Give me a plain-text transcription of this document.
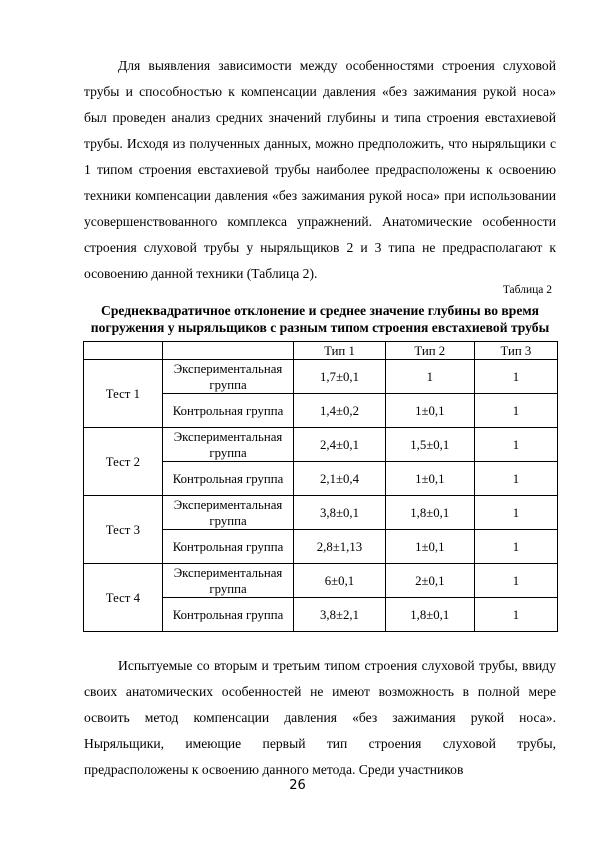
Для выявления зависимости между особенностями строения слуховой трубы и способностью к компенсации давления «без зажимания рукой носа» был проведен анализ средних значений глубины и типа строения евстахиевой трубы. Исходя из полученных данных, можно предположить, что ныряльщики с 1 типом строения евстахиевой трубы наиболее предрасположены к освоению техники компенсации давления «без зажимания рукой носа» при использовании усовершенствованного комплекса упражнений. Анатомические особенности строения слуховой трубы у ныряльщиков 2 и 3 типа не предрасполагают к осовоению данной техники (Таблица 2).

Таблица 2
Среднеквадратичное отклонение и среднее значение глубины во время погружения у ныряльщиков с разным типом строения евстахиевой трубы
		Тип 1	Тип 2	Тип 3
Тест 1	Экспериментальная группа	1,7±0,1	1	1
	Контрольная группа	1,4±0,2	1±0,1	1
Тест 2	Экспериментальная группа	2,4±0,1	1,5±0,1	1
	Контрольная группа	2,1±0,4	1±0,1	1
Тест 3	Экспериментальная группа	3,8±0,1	1,8±0,1	1
	Контрольная группа	2,8±1,13	1±0,1	1
Тест 4	Экспериментальная группа	6±0,1	2±0,1	1
	Контрольная группа	3,8±2,1	1,8±0,1	1

Испытуемые со вторым и третьим типом строения слуховой трубы, ввиду своих анатомических особенностей не имеют возможность в полной мере освоить метод компенсации давления «без зажимания рукой носа». Ныряльщики, имеющие первый тип строения слуховой трубы, предрасположены к освоению данного метода. Среди участников

26
